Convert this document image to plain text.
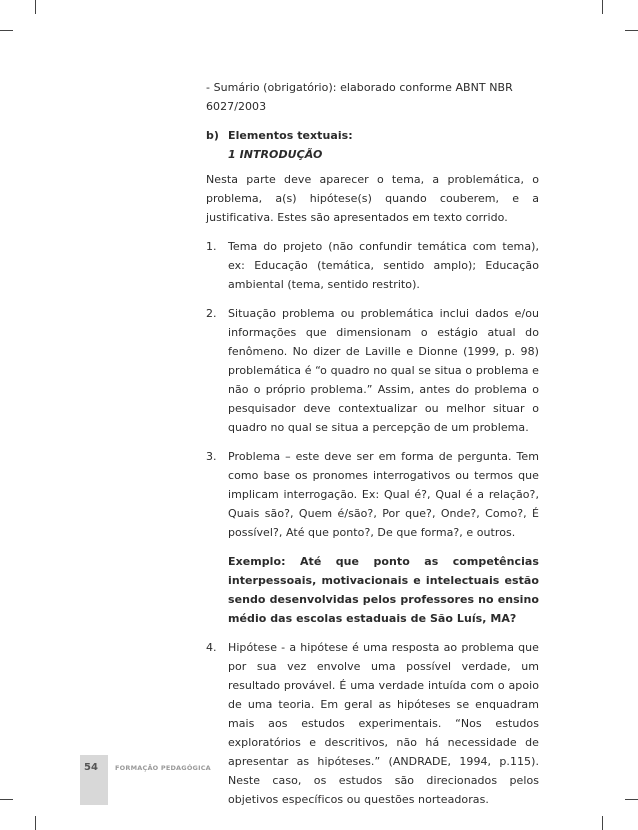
- Sumário (obrigatório): elaborado conforme ABNT NBR 6027/2003

b) Elementos textuais:

1 INTRODUÇÃO

Nesta parte deve aparecer o tema, a problemática, o problema, a(s) hipótese(s) quando couberem, e a justificativa. Estes são apresentados em texto corrido.

1.	Tema do projeto (não confundir temática com tema), ex: Educação (temática, sentido amplo); Educação ambiental (tema, sentido restrito).

2.	Situação problema ou problemática inclui dados e/ou informações que dimensionam o estágio atual do fenômeno. No dizer de Laville e Dionne (1999, p. 98) problemática é “o quadro no qual se situa o problema e não o próprio problema.” Assim, antes do problema o pesquisador deve contextualizar ou melhor situar o quadro no qual se situa a percepção de um problema.

3.	Problema – este deve ser em forma de pergunta. Tem como base os pronomes interrogativos ou termos que implicam interrogação. Ex: Qual é?, Qual é a relação?, Quais são?, Quem é/são?, Por que?, Onde?, Como?, É possível?, Até que ponto?, De que forma?, e outros.

Exemplo: Até que ponto as competências interpessoais, motivacionais e intelectuais estão sendo desenvolvidas pelos professores no ensino médio das escolas estaduais de São Luís, MA?

4.	Hipótese - a hipótese é uma resposta ao problema que por sua vez envolve uma possível verdade, um resultado provável. É uma verdade intuída com o apoio de uma teoria. Em geral as hipóteses se enquadram mais aos estudos experimentais. “Nos estudos exploratórios e descritivos, não há necessidade de apresentar as hipóteses.” (ANDRADE, 1994, p.115). Neste caso, os estudos são direcionados pelos objetivos específicos ou questões norteadoras.

54	FORMAÇÃO PEDAGÓGICA
